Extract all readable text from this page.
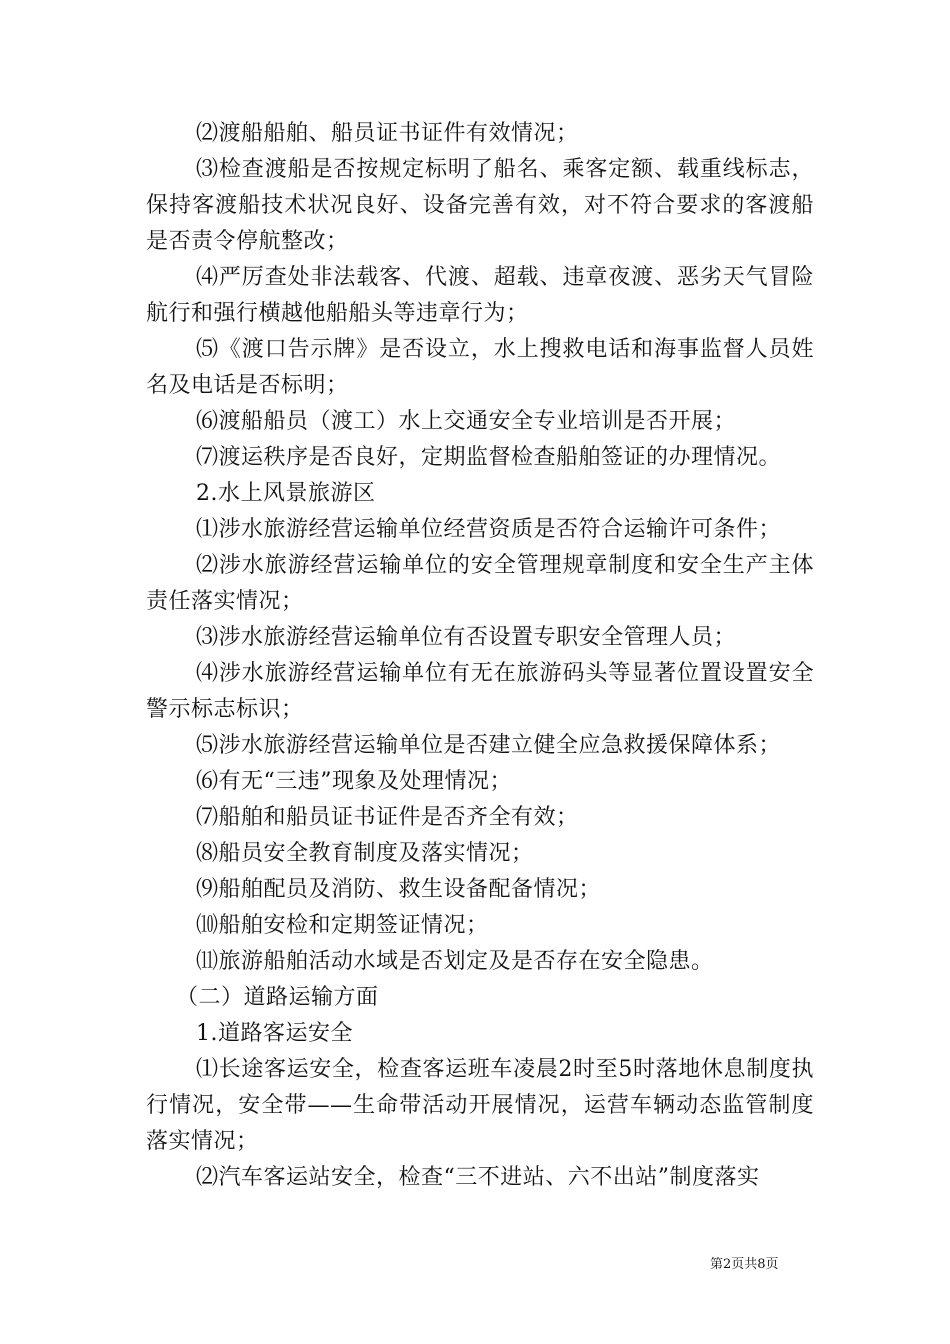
⑵渡船船舶、船员证书证件有效情况；

⑶检查渡船是否按规定标明了船名、乘客定额、载重线标志，保持客渡船技术状况良好、设备完善有效，对不符合要求的客渡船是否责令停航整改；

⑷严厉查处非法载客、代渡、超载、违章夜渡、恶劣天气冒险航行和强行横越他船船头等违章行为；

⑸《渡口告示牌》是否设立，水上搜救电话和海事监督人员姓名及电话是否标明；

⑹渡船船员（渡工）水上交通安全专业培训是否开展；

⑺渡运秩序是否良好，定期监督检查船舶签证的办理情况。

2.水上风景旅游区

⑴涉水旅游经营运输单位经营资质是否符合运输许可条件；

⑵涉水旅游经营运输单位的安全管理规章制度和安全生产主体责任落实情况；

⑶涉水旅游经营运输单位有否设置专职安全管理人员；

⑷涉水旅游经营运输单位有无在旅游码头等显著位置设置安全警示标志标识；

⑸涉水旅游经营运输单位是否建立健全应急救援保障体系；

⑹有无“三违”现象及处理情况；

⑺船舶和船员证书证件是否齐全有效；

⑻船员安全教育制度及落实情况；

⑼船舶配员及消防、救生设备配备情况；

⑽船舶安检和定期签证情况；

⑾旅游船舶活动水域是否划定及是否存在安全隐患。

（二）道路运输方面

1.道路客运安全

⑴长途客运安全，检查客运班车凌晨2时至5时落地休息制度执行情况，安全带——生命带活动开展情况，运营车辆动态监管制度落实情况；

⑵汽车客运站安全，检查“三不进站、六不出站”制度落实

第2页共8页
